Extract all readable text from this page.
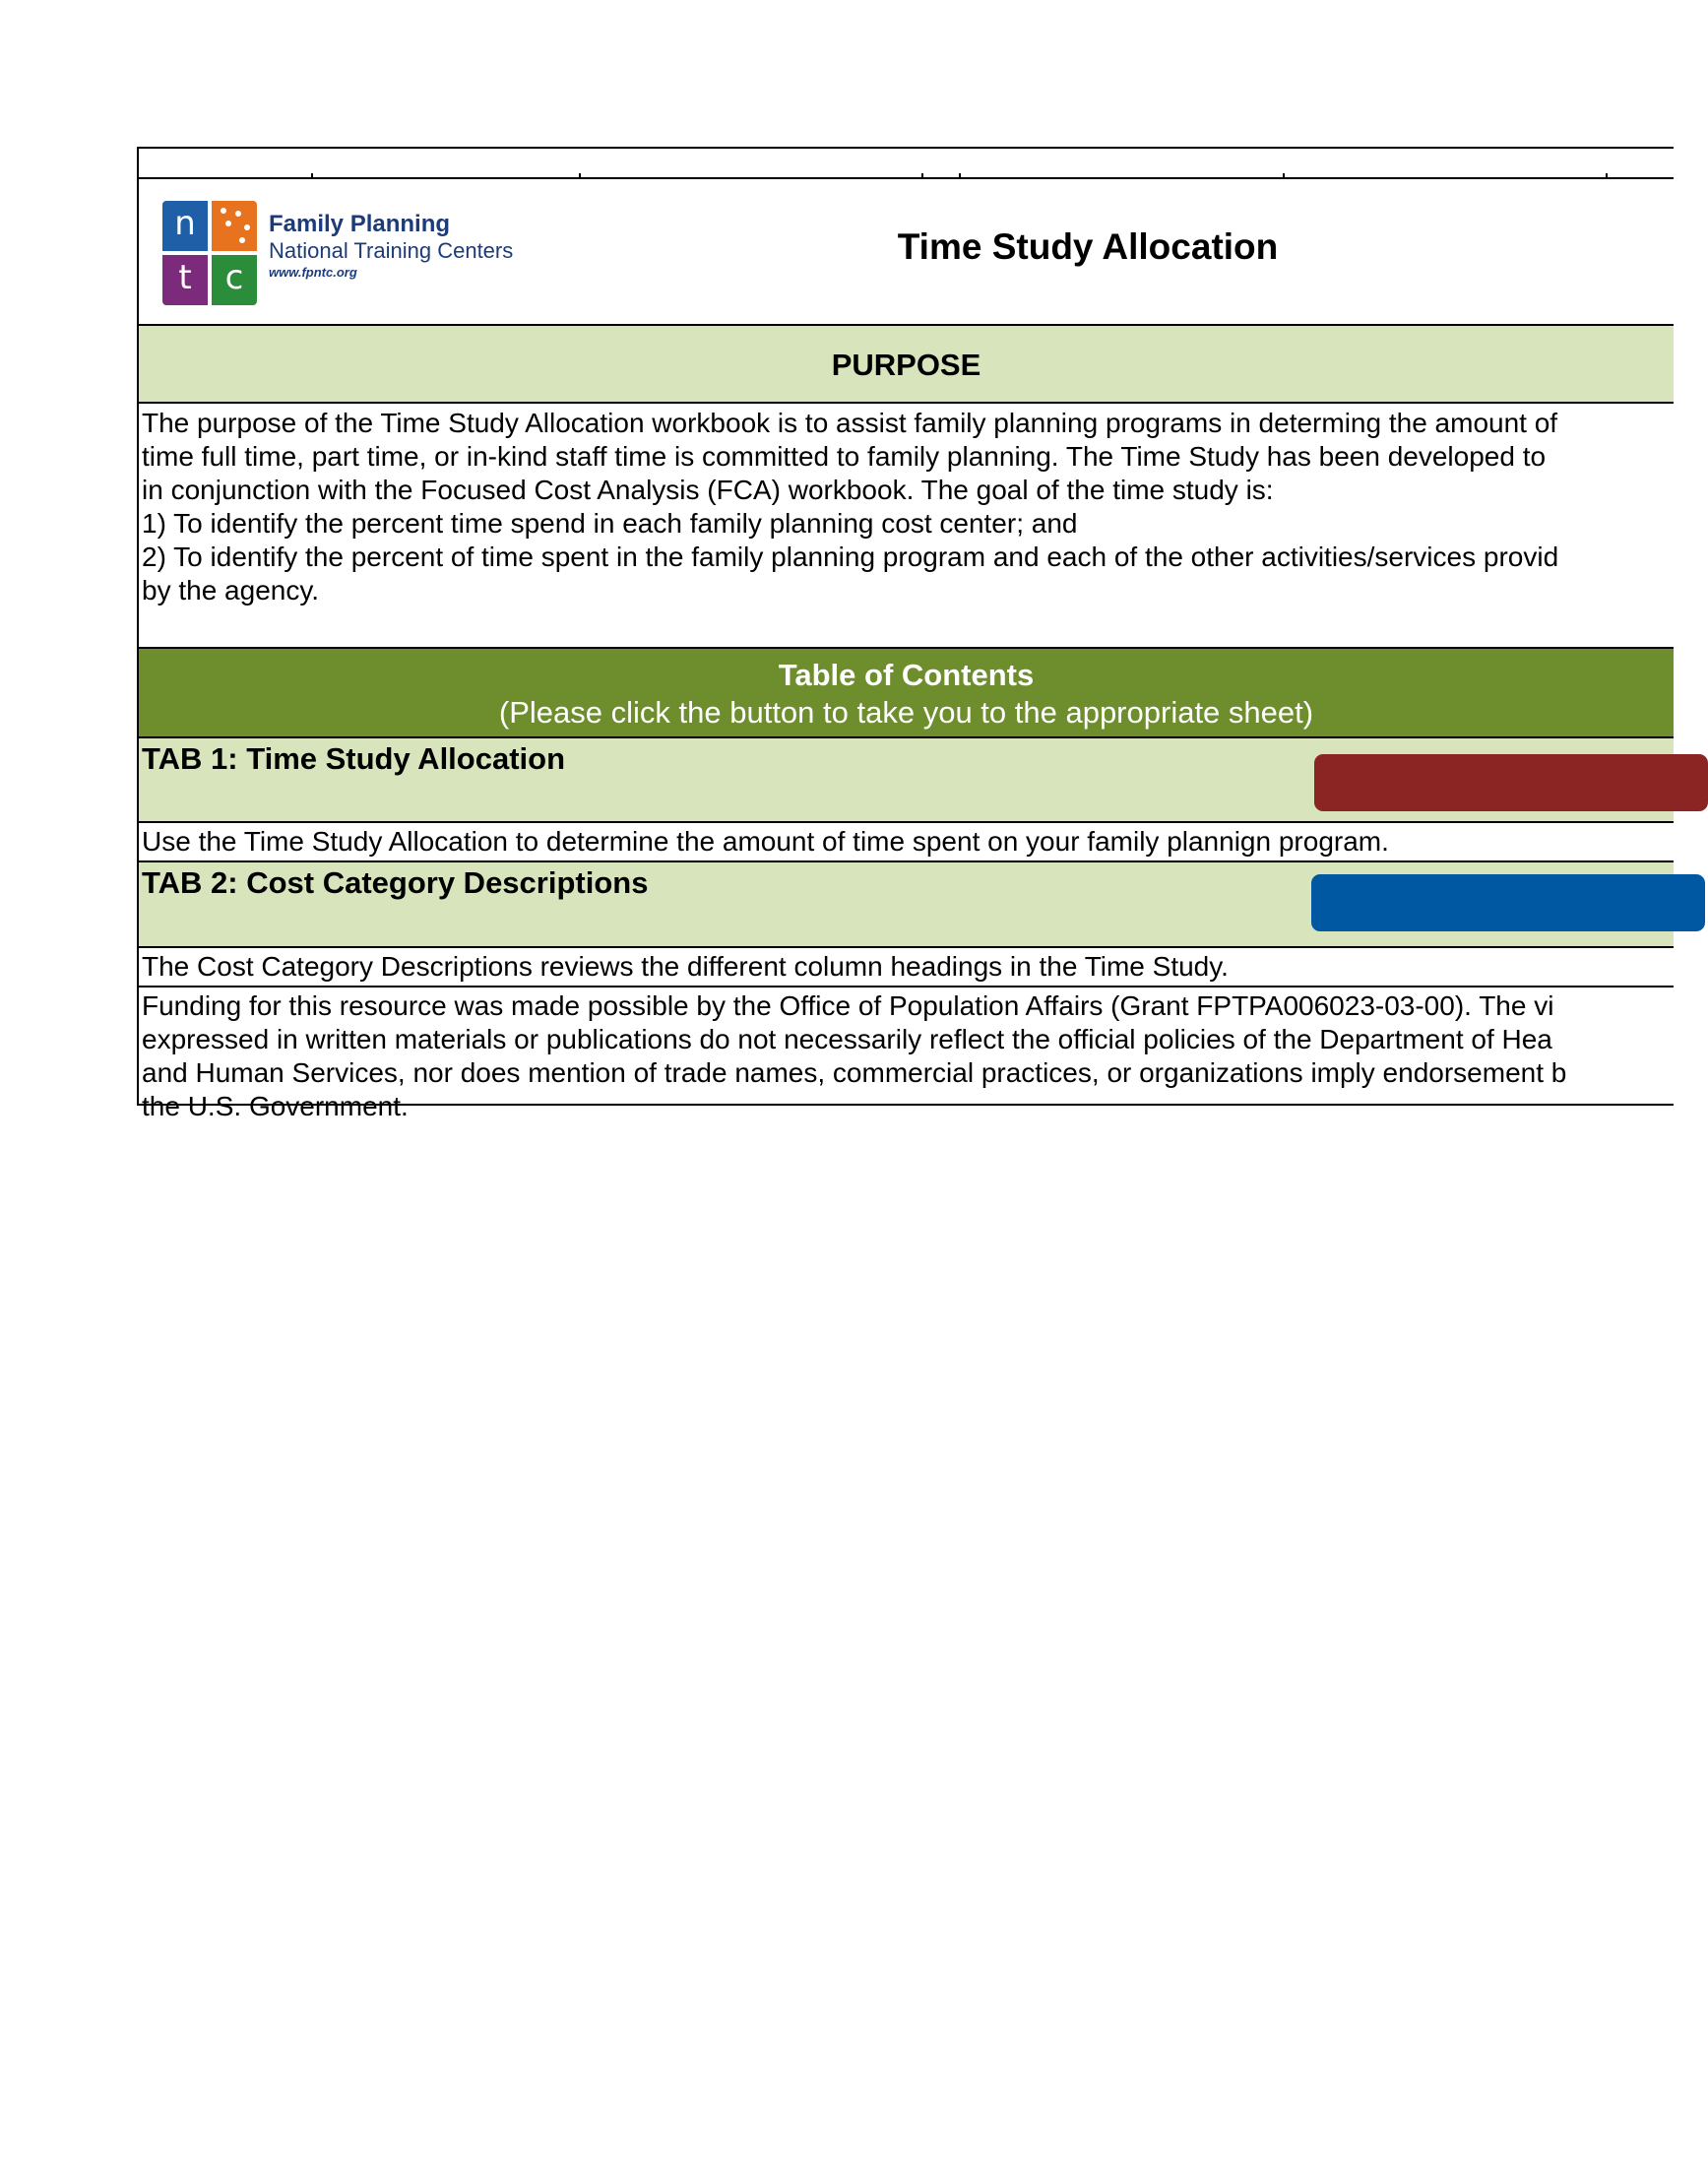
n
t c
Family Planning
National Training Centers
www.fpntc.org
Time Study Allocation
PURPOSE
The purpose of the Time Study Allocation workbook is to assist family planning programs in determing the amount of
time full time, part time, or in-kind staff time is committed to family planning. The Time Study has been developed to
in conjunction with the Focused Cost Analysis (FCA) workbook. The goal of the time study is:
1) To identify the percent time spend in each family planning cost center; and
2) To identify the percent of time spent in the family planning program and each of the other activities/services provid
by the agency.
Table of Contents
(Please click the button to take you to the appropriate sheet)
TAB 1: Time Study Allocation
Use the Time Study Allocation to determine the amount of time spent on your family plannign program.
TAB 2: Cost Category Descriptions
The Cost Category Descriptions reviews the different column headings in the Time Study.
Funding for this resource was made possible by the Office of Population Affairs (Grant FPTPA006023-03-00). The vi
expressed in written materials or publications do not necessarily reflect the official policies of the Department of Hea
and Human Services, nor does mention of trade names, commercial practices, or organizations imply endorsement b
the U.S. Government.
